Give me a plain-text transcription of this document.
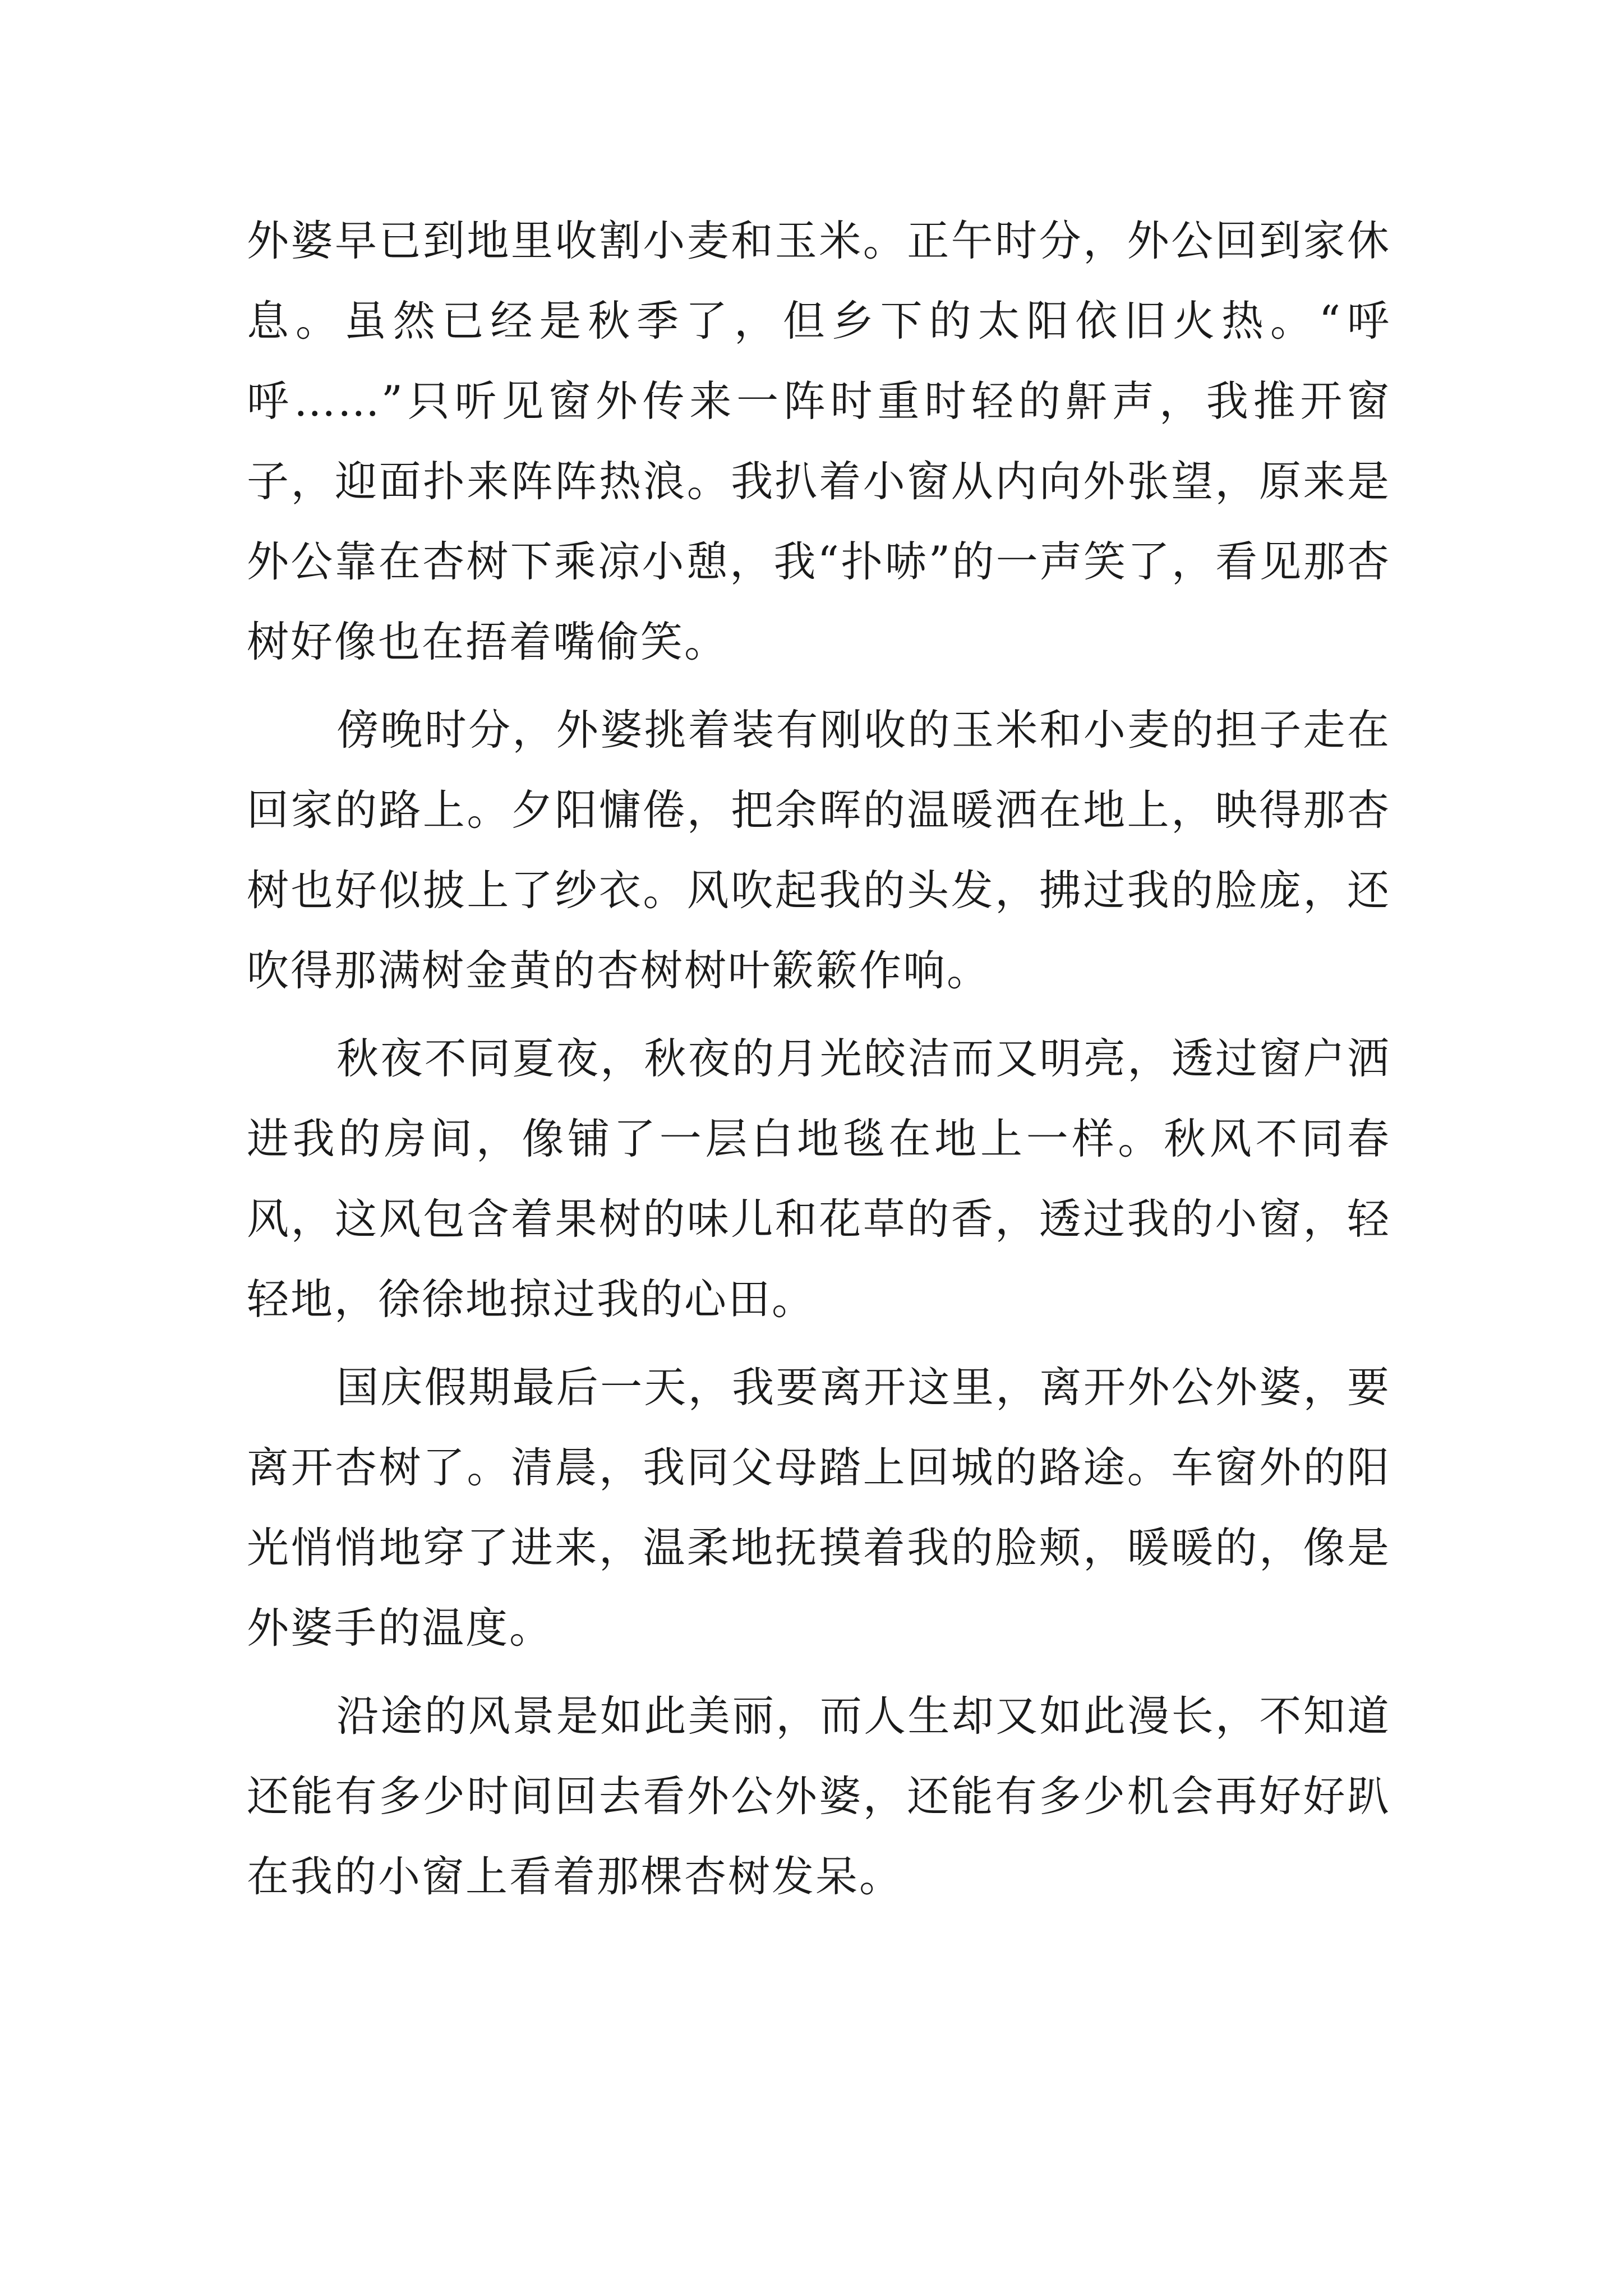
外婆早已到地里收割小麦和玉米。正午时分，外公回到家休息。虽然已经是秋季了，但乡下的太阳依旧火热。“呼呼……”只听见窗外传来一阵时重时轻的鼾声，我推开窗子，迎面扑来阵阵热浪。我扒着小窗从内向外张望，原来是外公靠在杏树下乘凉小憩，我“扑哧”的一声笑了，看见那杏树好像也在捂着嘴偷笑。

傍晚时分，外婆挑着装有刚收的玉米和小麦的担子走在回家的路上。夕阳慵倦，把余晖的温暖洒在地上，映得那杏树也好似披上了纱衣。风吹起我的头发，拂过我的脸庞，还吹得那满树金黄的杏树树叶簌簌作响。

秋夜不同夏夜，秋夜的月光皎洁而又明亮，透过窗户洒进我的房间，像铺了一层白地毯在地上一样。秋风不同春风，这风包含着果树的味儿和花草的香，透过我的小窗，轻轻地，徐徐地掠过我的心田。

国庆假期最后一天，我要离开这里，离开外公外婆，要离开杏树了。清晨，我同父母踏上回城的路途。车窗外的阳光悄悄地穿了进来，温柔地抚摸着我的脸颊，暖暖的，像是外婆手的温度。

沿途的风景是如此美丽，而人生却又如此漫长，不知道还能有多少时间回去看外公外婆，还能有多少机会再好好趴在我的小窗上看着那棵杏树发呆。
